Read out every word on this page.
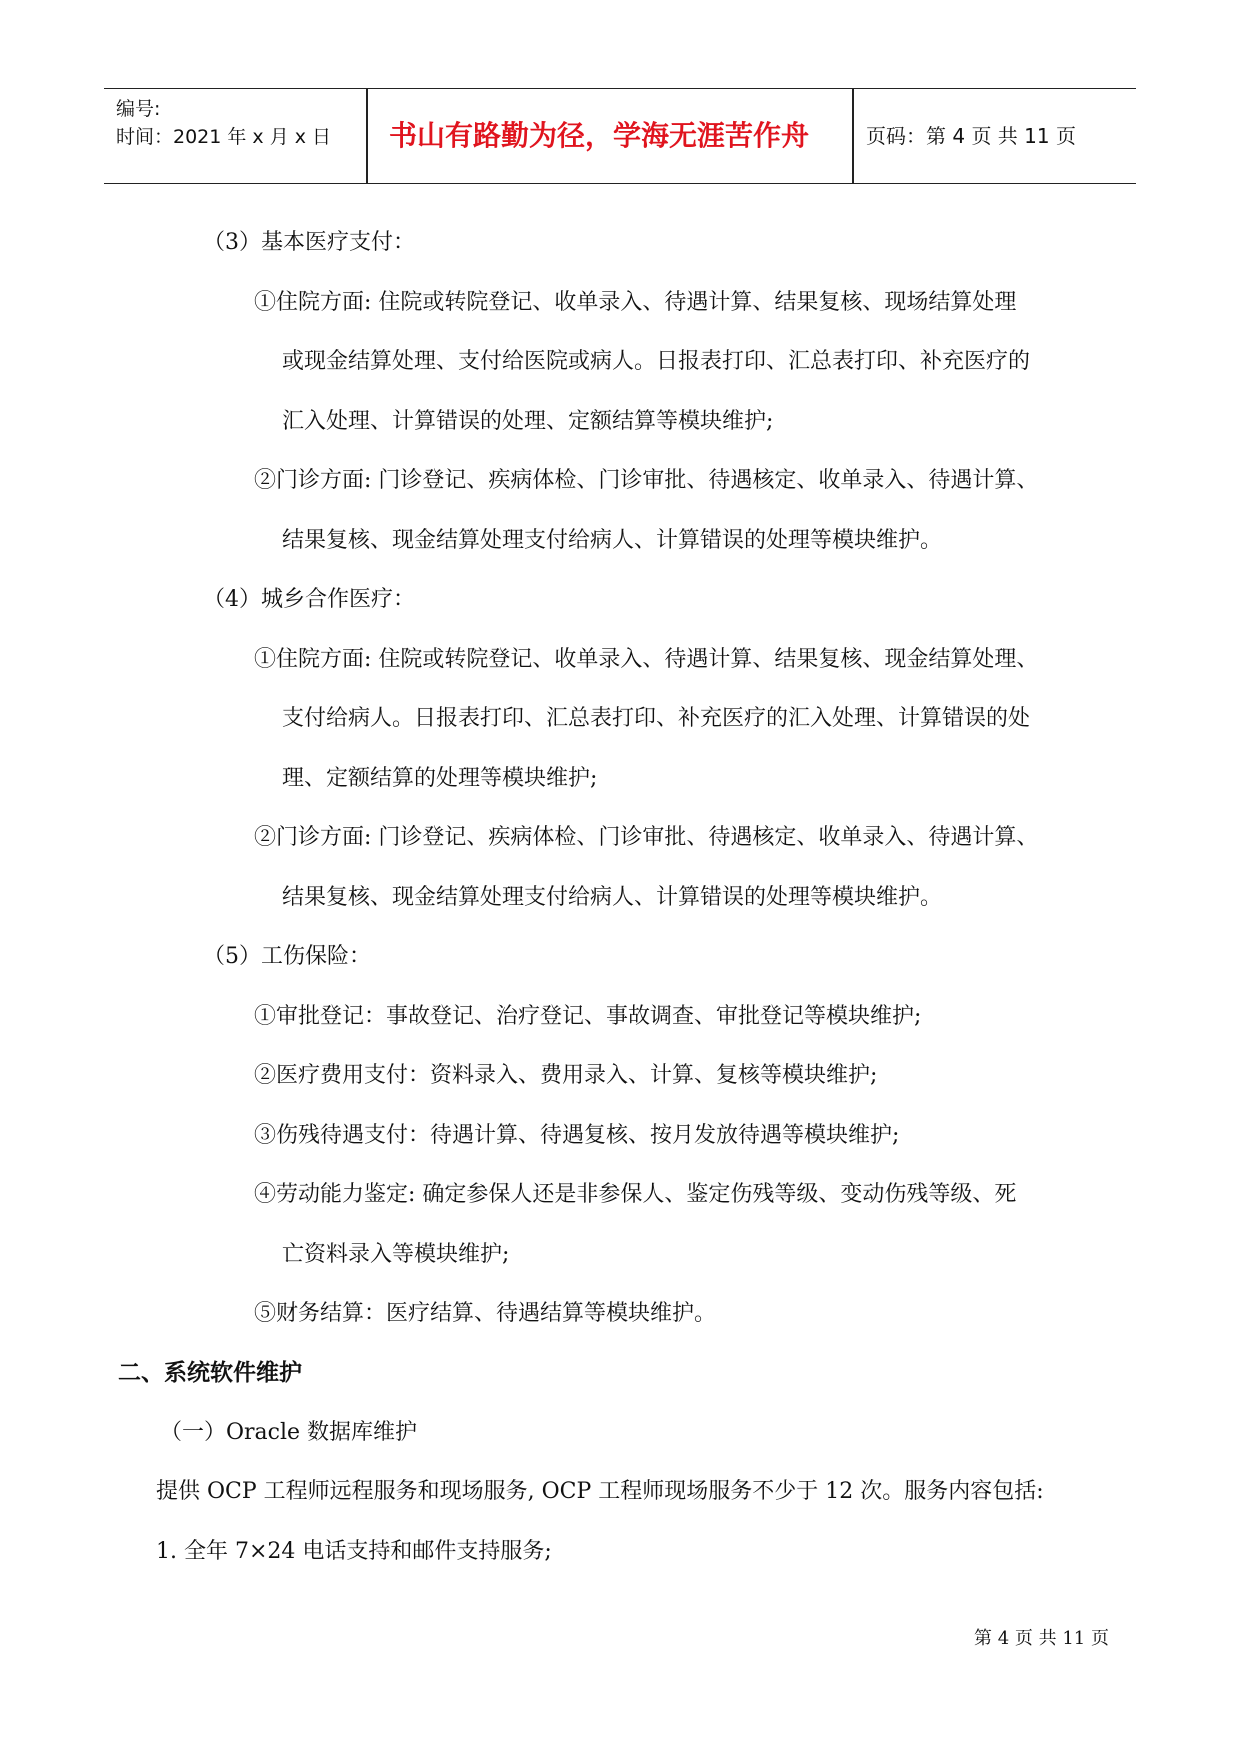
编号:
时间：2021 年 x 月 x 日	书山有路勤为径，学海无涯苦作舟	页码：第 4 页 共 11 页
（3）基本医疗支付：
①住院方面: 住院或转院登记、收单录入、待遇计算、结果复核、现场结算处理
或现金结算处理、支付给医院或病人。日报表打印、汇总表打印、补充医疗的
汇入处理、计算错误的处理、定额结算等模块维护;
②门诊方面: 门诊登记、疾病体检、门诊审批、待遇核定、收单录入、待遇计算、
结果复核、现金结算处理支付给病人、计算错误的处理等模块维护。
（4）城乡合作医疗：
①住院方面: 住院或转院登记、收单录入、待遇计算、结果复核、现金结算处理、
支付给病人。日报表打印、汇总表打印、补充医疗的汇入处理、计算错误的处
理、定额结算的处理等模块维护;
②门诊方面: 门诊登记、疾病体检、门诊审批、待遇核定、收单录入、待遇计算、
结果复核、现金结算处理支付给病人、计算错误的处理等模块维护。
（5）工伤保险：
①审批登记：事故登记、治疗登记、事故调查、审批登记等模块维护;
②医疗费用支付：资料录入、费用录入、计算、复核等模块维护;
③伤残待遇支付：待遇计算、待遇复核、按月发放待遇等模块维护;
④劳动能力鉴定: 确定参保人还是非参保人、鉴定伤残等级、变动伤残等级、死
亡资料录入等模块维护;
⑤财务结算：医疗结算、待遇结算等模块维护。
二、系统软件维护
（一）Oracle 数据库维护
提供 OCP 工程师远程服务和现场服务, OCP 工程师现场服务不少于 12 次。服务内容包括:
1. 全年 7×24 电话支持和邮件支持服务;
第 4 页 共 11 页
